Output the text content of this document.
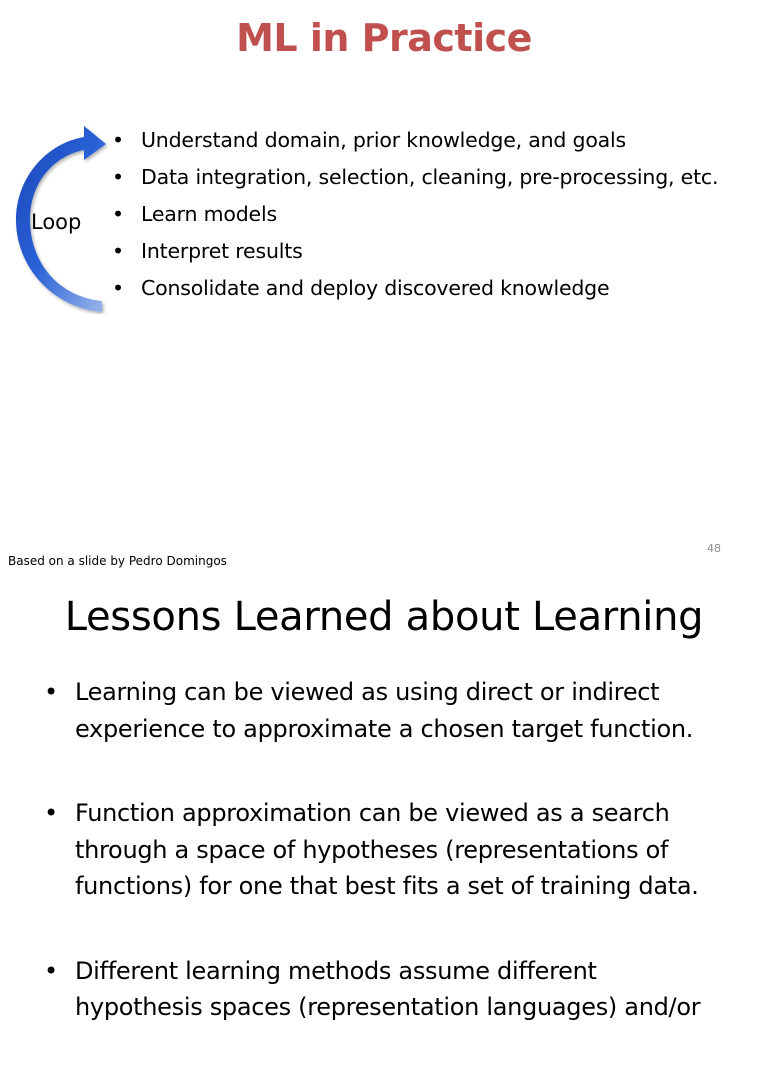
ML in Practice
Loop
• Understand domain, prior knowledge, and goals
• Data integration, selection, cleaning, pre-processing, etc.
• Learn models
• Interpret results
• Consolidate and deploy discovered knowledge
Based on a slide by Pedro Domingos
48
Lessons Learned about Learning
• Learning can be viewed as using direct or indirect
experience to approximate a chosen target function.
• Function approximation can be viewed as a search
through a space of hypotheses (representations of
functions) for one that best fits a set of training data.
• Different learning methods assume different
hypothesis spaces (representation languages) and/or
